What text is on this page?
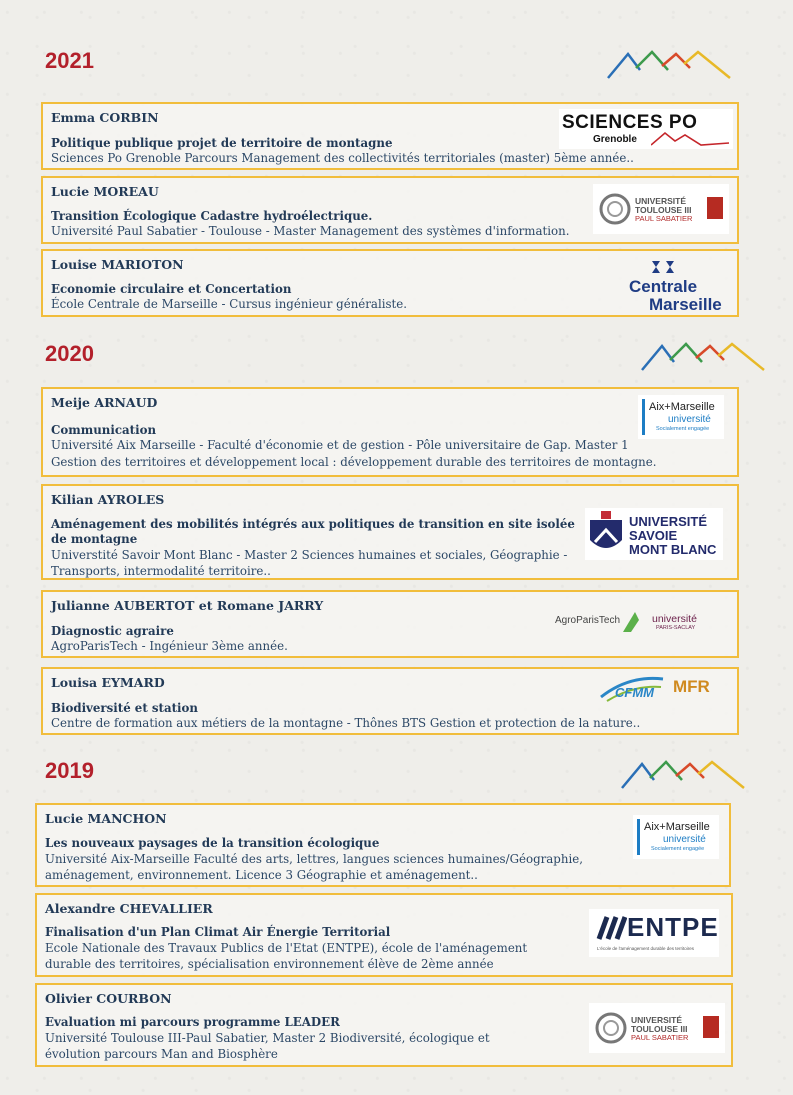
2021
Emma CORBIN
Politique publique projet de territoire de montagne
Sciences Po Grenoble Parcours Management des collectivités territoriales (master) 5ème année..
SCIENCES PO
Grenoble
Lucie MOREAU
Transition Écologique Cadastre hydroélectrique.
Université Paul Sabatier - Toulouse - Master Management des systèmes d'information.
UNIVERSITÉ
TOULOUSE III
PAUL SABATIER
Louise MARIOTON
Economie circulaire et Concertation
École Centrale de Marseille - Cursus ingénieur généraliste.
Centrale
Marseille
2020
Meije ARNAUD
Communication
Université Aix Marseille - Faculté d'économie et de gestion - Pôle universitaire de Gap. Master 1
Gestion des territoires et développement local : développement durable des territoires de montagne.
Aix+Marseille
université
Socialement engagée
Kilian AYROLES
Aménagement des mobilités intégrés aux politiques de transition en site isolée
de montagne
Universtité Savoir Mont Blanc - Master 2 Sciences humaines et sociales, Géographie -
Transports, intermodalité territoire..
UNIVERSITÉ
SAVOIE
MONT BLANC
Julianne AUBERTOT et Romane JARRY
Diagnostic agraire
AgroParisTech - Ingénieur 3ème année.
AgroParisTech	université
PARIS-SACLAY
Louisa EYMARD
Biodiversité et station
Centre de formation aux métiers de la montagne - Thônes BTS Gestion et protection de la nature..
CFMM MFR
2019
Lucie MANCHON
Les nouveaux paysages de la transition écologique
Université Aix-Marseille Faculté des arts, lettres, langues sciences humaines/Géographie,
aménagement, environnement. Licence 3 Géographie et aménagement..
Aix+Marseille
université
Socialement engagée
Alexandre CHEVALLIER
Finalisation d'un Plan Climat Air Énergie Territorial
Ecole Nationale des Travaux Publics de l'Etat (ENTPE), école de l'aménagement
durable des territoires, spécialisation environnement élève de 2ème année
ENTPE
L'école de l'aménagement durable des territoires
Olivier COURBON
Evaluation mi parcours programme LEADER
Université Toulouse III-Paul Sabatier, Master 2 Biodiversité, écologique et
évolution parcours Man and Biosphère
UNIVERSITÉ
TOULOUSE III
PAUL SABATIER
